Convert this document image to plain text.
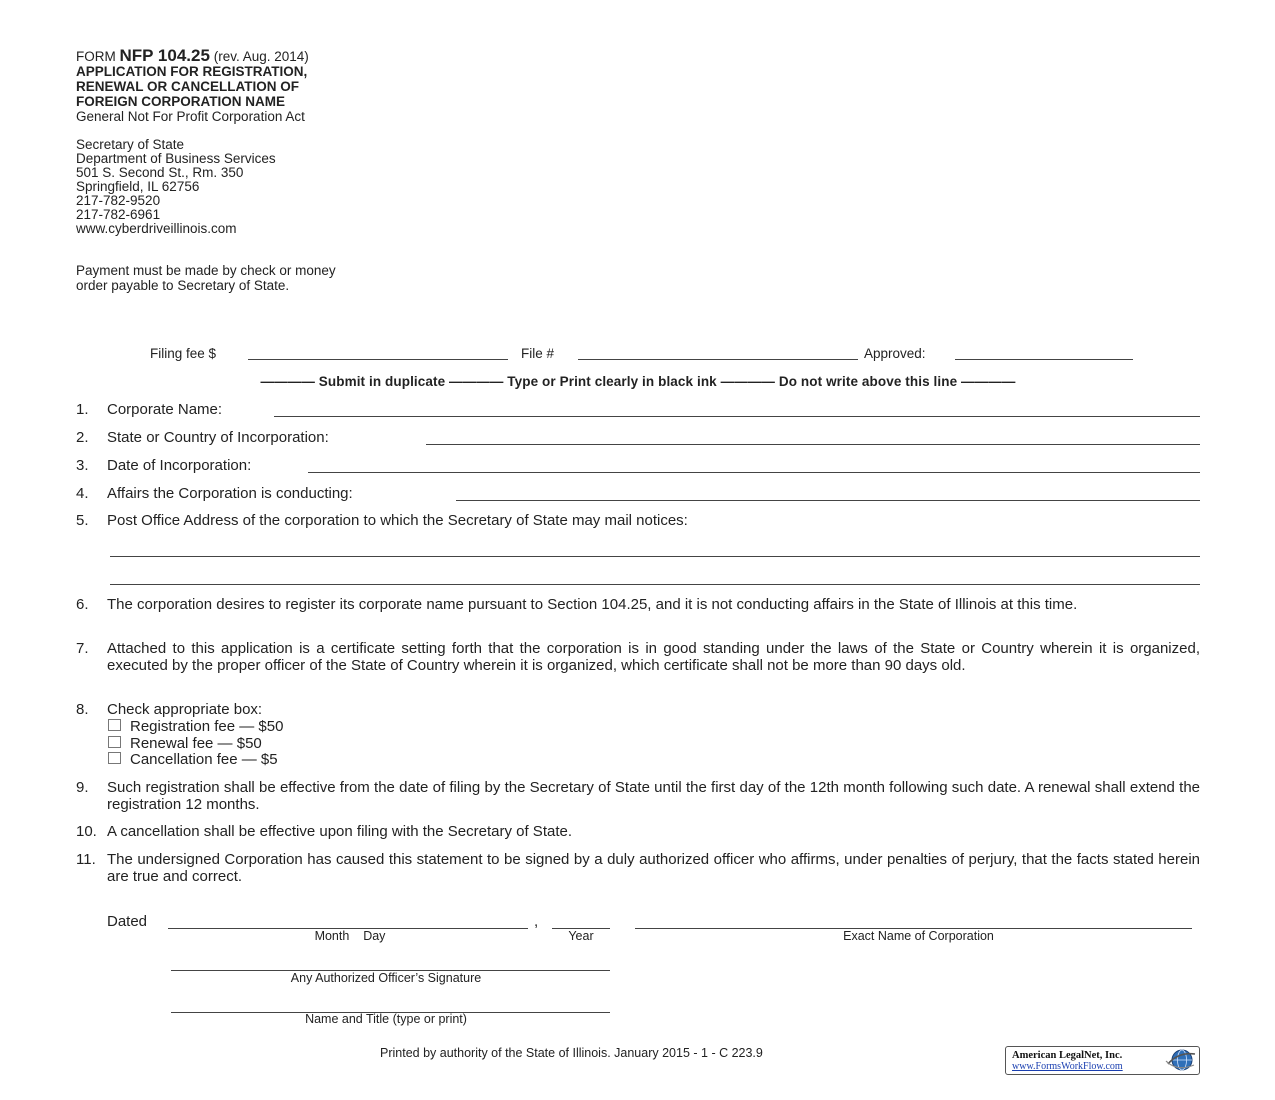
FORM NFP 104.25 (rev. Aug. 2014)
APPLICATION FOR REGISTRATION,
RENEWAL OR CANCELLATION OF
FOREIGN CORPORATION NAME
General Not For Profit Corporation Act
Secretary of State
Department of Business Services
501 S. Second St., Rm. 350
Springfield, IL 62756
217-782-9520
217-782-6961
www.cyberdriveillinois.com
Payment must be made by check or money
order payable to Secretary of State.
Filing fee $	File #	Approved:
———— Submit in duplicate ———— Type or Print clearly in black ink ———— Do not write above this line ————
1. Corporate Name:
2. State or Country of Incorporation:
3. Date of Incorporation:
4. Affairs the Corporation is conducting:
5. Post Office Address of the corporation to which the Secretary of State may mail notices:
6. The corporation desires to register its corporate name pursuant to Section 104.25, and it is not conducting affairs in the State of Illinois at this time.
7. Attached to this application is a certificate setting forth that the corporation is in good standing under the laws of the State or Country wherein it is organized, executed by the proper officer of the State of Country wherein it is organized, which certificate shall not be more than 90 days old.
8. Check appropriate box:
Registration fee — $50
Renewal fee — $50
Cancellation fee — $5
9. Such registration shall be effective from the date of filing by the Secretary of State until the first day of the 12th month following such date. A renewal shall extend the registration 12 months.
10. A cancellation shall be effective upon filing with the Secretary of State.
11. The undersigned Corporation has caused this statement to be signed by a duly authorized officer who affirms, under penalties of perjury, that the facts stated herein are true and correct.
Dated	,
Month    Day	Year	Exact Name of Corporation
Any Authorized Officer’s Signature
Name and Title (type or print)
Printed by authority of the State of Illinois. January 2015 - 1 - C 223.9	American LegalNet, Inc.
www.FormsWorkFlow.com
